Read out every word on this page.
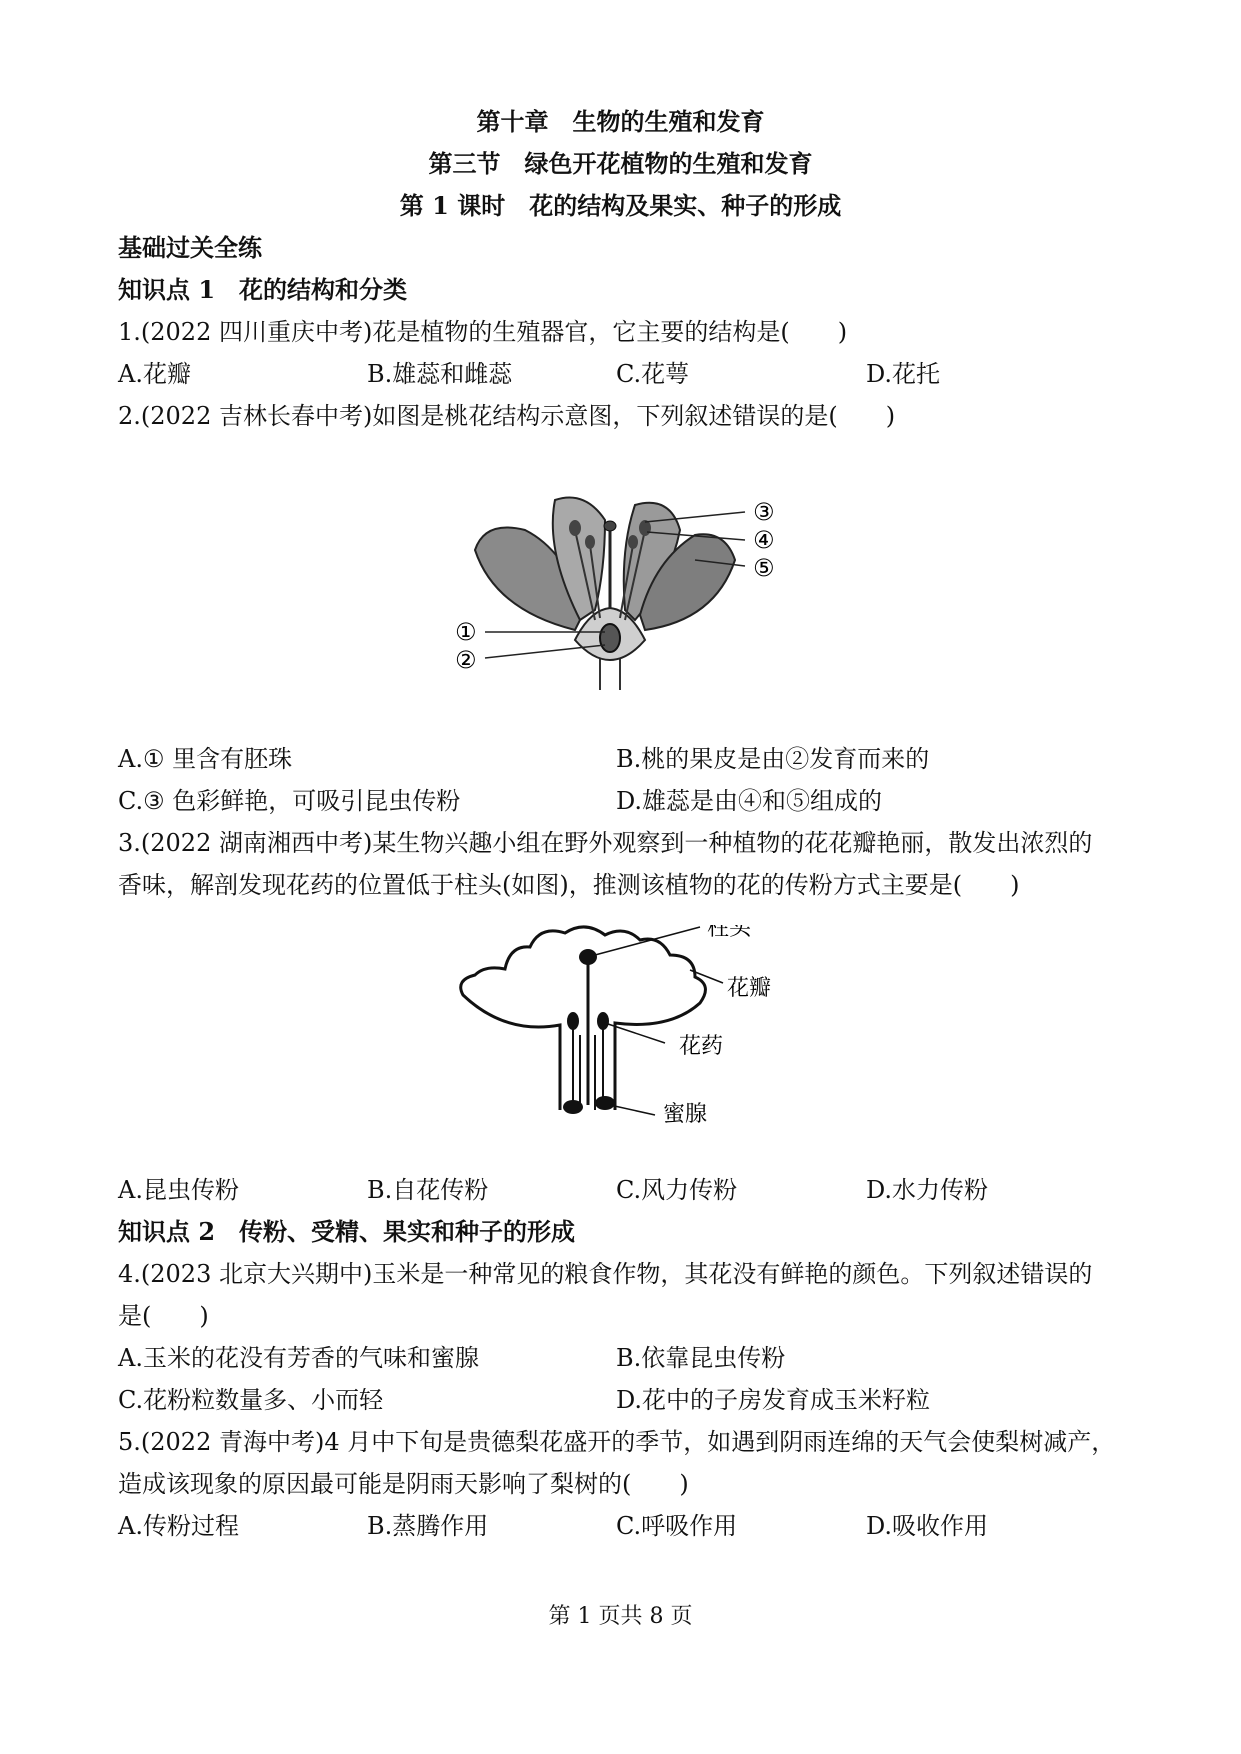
第十章　生物的生殖和发育
第三节　绿色开花植物的生殖和发育
第 1 课时　花的结构及果实、种子的形成
基础过关全练
知识点 1　花的结构和分类
1.(2022 四川重庆中考)花是植物的生殖器官，它主要的结构是(　　)
A.花瓣	B.雄蕊和雌蕊	C.花萼	D.花托
2.(2022 吉林长春中考)如图是桃花结构示意图，下列叙述错误的是(　　)
③
④
⑤
①
②
A.① 里含有胚珠	B.桃的果皮是由②发育而来的
C.③ 色彩鲜艳，可吸引昆虫传粉	D.雄蕊是由④和⑤组成的
3.(2022 湖南湘西中考)某生物兴趣小组在野外观察到一种植物的花花瓣艳丽，散发出浓烈的
香味，解剖发现花药的位置低于柱头(如图)，推测该植物的花的传粉方式主要是(　　)
柱头
花瓣
花药
蜜腺
A.昆虫传粉	B.自花传粉	C.风力传粉	D.水力传粉
知识点 2　传粉、受精、果实和种子的形成
4.(2023 北京大兴期中)玉米是一种常见的粮食作物，其花没有鲜艳的颜色。下列叙述错误的
是(　　)
A.玉米的花没有芳香的气味和蜜腺	B.依靠昆虫传粉
C.花粉粒数量多、小而轻	D.花中的子房发育成玉米籽粒
5.(2022 青海中考)4 月中下旬是贵德梨花盛开的季节，如遇到阴雨连绵的天气会使梨树减产，
造成该现象的原因最可能是阴雨天影响了梨树的(　　)
A.传粉过程	B.蒸腾作用	C.呼吸作用	D.吸收作用
第 1 页共 8 页
